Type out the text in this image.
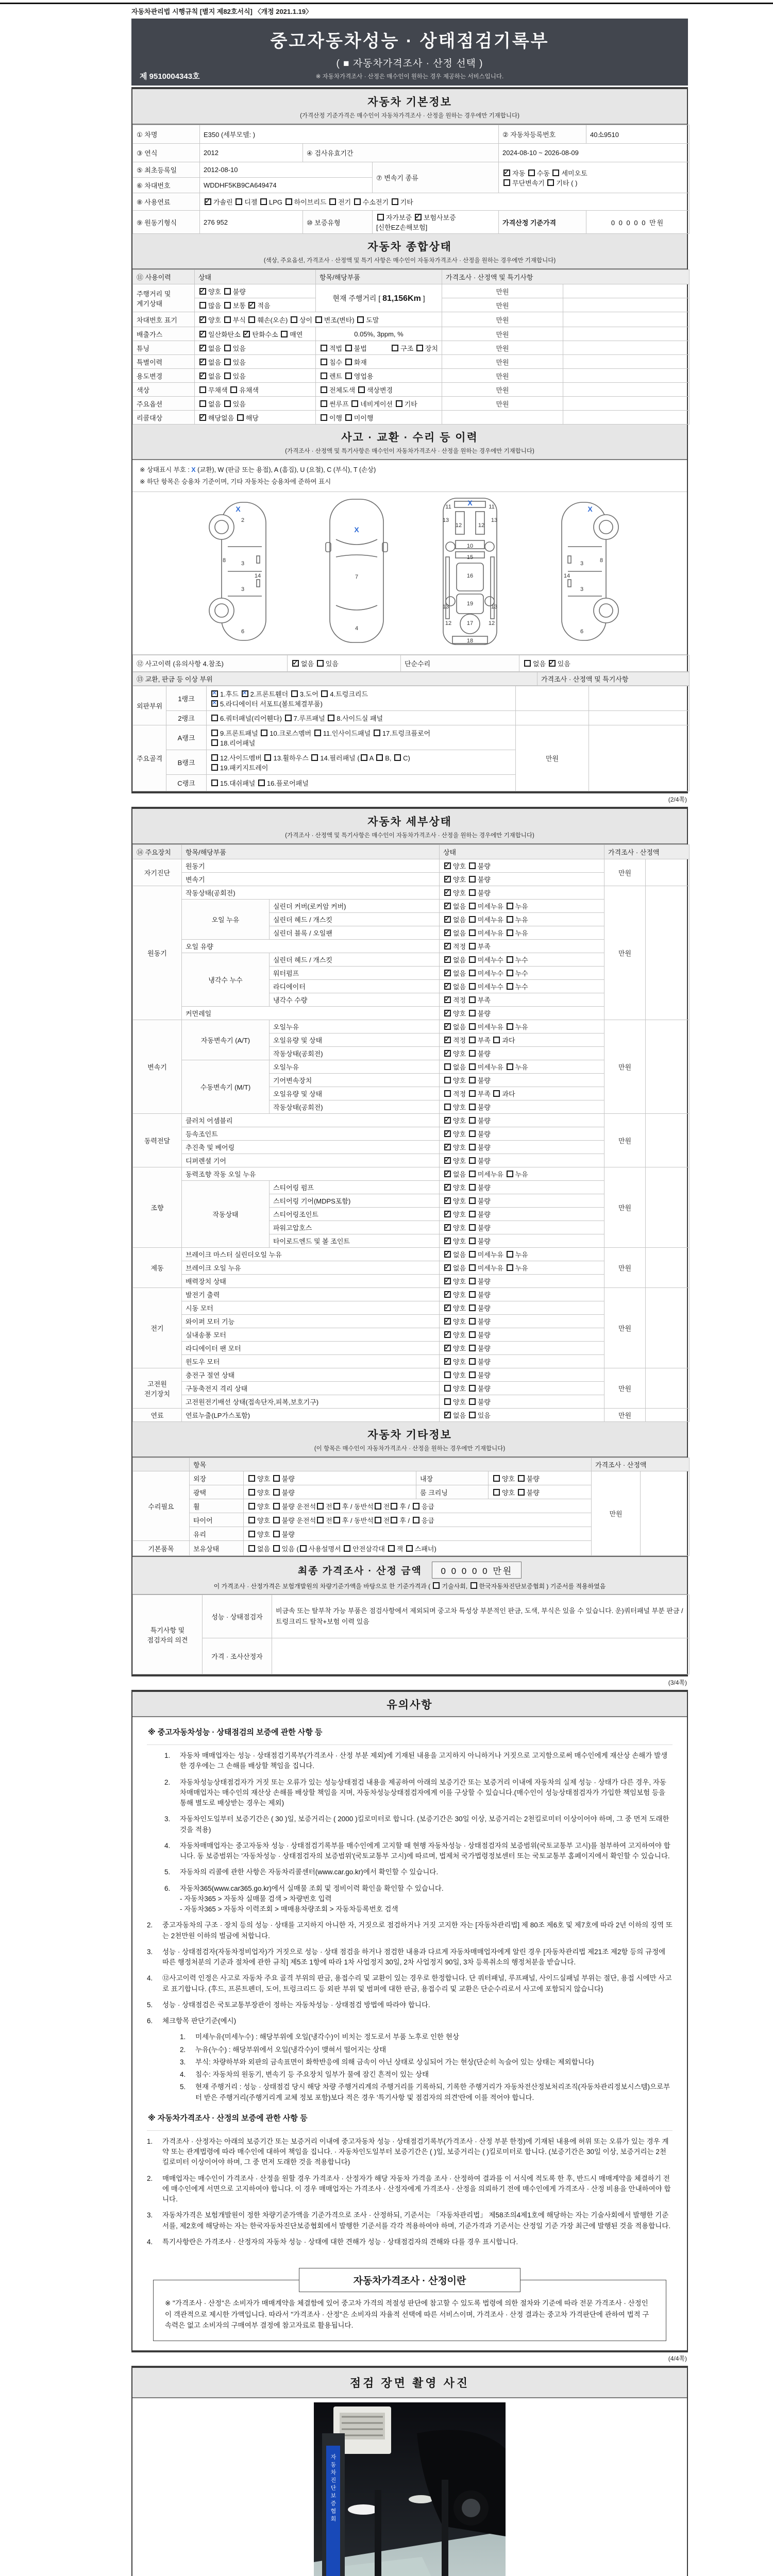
자동차관리법 시행규칙 [별지 제82호서식] 〈개정 2021.1.19〉
중고자동차성능 · 상태점검기록부
( ■ 자동차가격조사 · 산정 선택 )
※ 자동차가격조사 · 산정은 매수인이 원하는 경우 제공하는 서비스입니다.
제 9510004343호
자동차 기본정보
(가격산정 기준가격은 매수인이 자동차가격조사 · 산정을 원하는 경우에만 기재합니다)
① 차명	E350 (세부모델: )			② 자동차등록번호	40소9510
③ 연식	2012	④ 검사유효기간		2024-08-10 ~ 2026-08-09	
⑤ 최초등록일	2012-08-10		⑦ 변속기 종류	✓자동 수동 세미오토
무단변속기 기타 ( )
⑥ 차대번호	WDDHF5KB9CA649474				
⑧ 사용연료	✓가솔린 디젤 LPG 하이브리드 전기 수소전기 기타
⑨ 원동기형식	276 952	⑩ 보증유형	자가보증 ✓보험사보증 [신한EZ손해보험]	가격산정 기준가격	0 0 0 0 0 만원
자동차 종합상태
(색상, 주요옵션, 가격조사 · 산정액 및 특기 사항은 매수인이 자동차가격조사 · 산정을 원하는 경우에만 기재합니다)
⑪ 사용이력	상태	항목/해당부품	가격조사 · 산정액 및 특기사항	
주행거리 및 계기상태	✓양호 불량	현재 주행거리 [ 81,156Km ]	만원	
	많음 보통 ✓적음		만원	
차대번호 표기	✓양호 부식 훼손(오손) 상이 변조(변타) 도말		만원	
배출가스	✓일산화탄소 ✓탄화수소 매연	0.05%, 3ppm, %	만원	
튜닝	✓없음 있음	적법 불법 구조 장치	만원	
특별이력	✓없음 있음	침수 화재	만원	
용도변경	✓없음 있음	렌트 영업용	만원	
색상	무채색 유채색	전체도색 색상변경	만원	
주요옵션	없음 있음	썬루프 네비게이션 기타	만원	
리콜대상	✓해당없음 해당	이행 미이행		
사고 · 교환 · 수리 등 이력
(가격조사 · 산정액 및 특기사항은 매수인이 자동차가격조사 · 산정을 원하는 경우에만 기재합니다)
※ 상태표시 부호 : X (교환), W (판금 또는 용접), A (흠집), U (요철), C (부식), T (손상)
※ 하단 항목은 승용차 기준이며, 기타 자동차는 승용차에 준하여 표시
X
2
8	3
14
3
6
X
7
4
X
11	11
13	13
12	12
10
15
16
13	13
19
12	12
17
18
X
3	8
14
3
6
⑫ 사고이력 (유의사항 4.참조)	✓없음 있음	단순수리	없음 ✓있음
⑬ 교환, 판금 등 이상 부위	가격조사 · 산정액 및 특기사항
외판부위	1랭크	✕1.후드 ✕2.프론트휀더 3.도어 4.트렁크리드
✕5.라디에이터 서포트(볼트체결부품)		
	2랭크	6.쿼터패널(리어휀다) 7.루프패널 8.사이드실 패널		
주요골격	A랭크	9.프론트패널 10.크로스멤버 11.인사이드패널 17.트렁크플로어
18.리어패널	만원	
	B랭크	12.사이드멤버 13.휠하우스 14.필러패널 ( A B, C)
19.패키지트레이		
	C랭크	15.대쉬패널 16.플로어패널		
(2/4쪽)
자동차 세부상태
(가격조사 · 산정액 및 특기사항은 매수인이 자동차가격조사 · 산정을 원하는 경우에만 기재합니다)
⑭ 주요장치	항목/해당부품		상태	가격조사 · 산정액	
자기진단	원동기	✓양호 불량	만원	
	변속기	✓양호 불량
원동기	작동상태(공회전)	✓양호 불량	만원	
	오일 누유	실린더 커버(로커암 커버)	✓없음 미세누유 누유
		실린더 헤드 / 개스킷	✓없음 미세누유 누유
		실린더 블록 / 오일팬	✓없음 미세누유 누유
	오일 유량	✓적정 부족
	냉각수 누수	실린더 헤드 / 개스킷	✓없음 미세누수 누수
		워터펌프	✓없음 미세누수 누수
		라디에이터	✓없음 미세누수 누수
		냉각수 수량	✓적정 부족
	커먼레일	✓양호 불량
변속기	자동변속기 (A/T)	오일누유	✓없음 미세누유 누유	만원	
		오일유량 및 상태	✓적정 부족 과다
		작동상태(공회전)	✓양호 불량
	수동변속기 (M/T)	오일누유	없음 미세누유 누유		
		기어변속장치	양호 불량		
		오일유량 및 상태	적정 부족 과다		
		작동상태(공회전)	양호 불량		
동력전달	클러치 어셈블리	✓양호 불량	만원	
	등속조인트	✓양호 불량
	추진축 및 베어링	✓양호 불량
	디퍼렌셜 기어	✓양호 불량
조향	동력조향 작동 오일 누유	✓없음 미세누유 누유	만원	
	작동상태	스티어링 펌프	✓양호 불량
		스티어링 기어(MDPS포함)	✓양호 불량
		스티어링조인트	✓양호 불량
		파워고압호스	✓양호 불량
		타이로드엔드 및 볼 조인트	✓양호 불량
제동	브레이크 마스터 실린더오일 누유	✓없음 미세누유 누유	만원	
	브레이크 오일 누유	✓없음 미세누유 누유
	배력장치 상태	✓양호 불량
전기	발전기 출력	✓양호 불량	만원	
	시동 모터	✓양호 불량
	와이퍼 모터 기능	✓양호 불량
	실내송풍 모터	✓양호 불량
	라디에이터 팬 모터	✓양호 불량
	윈도우 모터	✓양호 불량
고전원 전기장치	충전구 절연 상태		양호 불량	만원	
	구동축전지 격리 상태		양호 불량		
	고전원전기배선 상태(접속단자,피복,보호기구)		양호 불량		
연료	연료누출(LP가스포함)	✓없음 있음	만원	
자동차 기타정보
(이 항목은 매수인이 자동차가격조사 · 산정을 원하는 경우에만 기재합니다)
	항목				가격조사 · 산정액	
수리필요	외장	양호 불량	내장	양호 불량	만원	
	광택	양호 불량	룸 크리닝	양호 불량		
	휠	양호 불량 운전석 전 후 / 동반석 전 후 / 응급				
	타이어	양호 불량 운전석 전 후 / 동반석 전 후 / 응급				
	유리	양호 불량				
기본품목	보유상태	없음 있음 ( 사용설명서 안전삼각대 잭 스패너)				
최종 가격조사 · 산정 금액 0 0 0 0 0 만원
이 가격조사 · 산정가격은 보험개발원의 차량기준가액을 바탕으로 한 기준가격과 ( 기술사회, 한국자동차진단보증협회 ) 기준서를 적용하였음
특기사항 및 점검자의 의견	성능 · 상태점검자	비금속 또는 탈부착 가능 부품은 점검사항에서 제외되며 중고차 특성상 부분적인 판금, 도색, 부식은 있을 수 있습니다. 운)쿼터패널 부분 판금 / 트렁크리드 탈착+보험 이력 있음
	가격 · 조사산정자	
(3/4쪽)
유의사항
※ 중고자동차성능 · 상태점검의 보증에 관한 사항 등
1.	자동차 매매업자는 성능 · 상태점검기록부(가격조사 · 산정 부분 제외)에 기재된 내용을 고지하지 아니하거나 거짓으로 고지함으로써 매수인에게 재산상 손해가 발생한 경우에는 그 손해를 배상할 책임을 집니다.
2.	자동차성능상태점검자가 거짓 또는 오류가 있는 성능상태점검 내용을 제공하여 아래의 보증기간 또는 보증거리 이내에 자동차의 실제 성능 · 상태가 다른 경우, 자동차매매업자는 매수인의 재산상 손해를 배상할 책임을 지며, 자동차성능상태점검자에게 이를 구상할 수 있습니다.(매수인이 성능상태점검자가 가입한 책임보험 등을 통해 별도로 배상받는 경우는 제외)
3.	자동차인도일부터 보증기간은 ( 30 )일, 보증거리는 ( 2000 )킬로미터로 합니다. (보증기간은 30일 이상, 보증거리는 2천킬로미터 이상이어야 하며, 그 중 먼저 도래한 것을 적용)
4.	자동차매매업자는 중고자동차 성능 · 상태점검기록부를 매수인에게 고지할 때 현행 자동차성능 · 상태점검자의 보증범위(국토교통부 고시)를 첨부하여 고지하여야 합니다. 동 보증범위는 '자동차성능 · 상태점검자의 보증범위'(국토교통부 고시)에 따르며, 법제처 국가법령정보센터 또는 국토교통부 홈페이지에서 확인할 수 있습니다.
5.	자동차의 리콜에 관한 사항은 자동차리콜센터(www.car.go.kr)에서 확인할 수 있습니다.
6.	자동차365(www.car365.go.kr)에서 실매물 조회 및 정비이력 확인을 확인할 수 있습니다.
- 자동차365 > 자동차 실매물 검색 > 차량번호 입력
- 자동차365 > 자동차 이력조회 > 매매용차량조회 > 자동차등록번호 검색
2.	중고자동차의 구조 · 장치 등의 성능 · 상태를 고지하지 아니한 자, 거짓으로 점검하거나 거짓 고지한 자는 [자동차관리법] 제 80조 제6호 및 제7호에 따라 2년 이하의 징역 또는 2천만원 이하의 벌금에 처합니다.
3.	성능 · 상태점검자(자동차정비업자)가 거짓으로 성능 · 상태 점검을 하거나 점검한 내용과 다르게 자동차매매업자에게 알린 경우 [자동차관리법 제21조 제2항 등의 규정에 따른 행정처분의 기준과 절차에 관한 규칙] 제5조 1항에 따라 1차 사업정지 30일, 2차 사업정지 90일, 3차 등록취소의 행정처분을 받습니다.
4.	⑫사고이력 인정은 사고로 자동차 주요 골격 부위의 판금, 용접수리 및 교환이 있는 경우로 한정합니다. 단 쿼터패널, 루프패널, 사이드실패널 부위는 절단, 용접 시에만 사고로 표기합니다. (후드, 프론트펜더, 도어, 트렁크리드 등 외판 부위 및 범퍼에 대한 판금, 용접수리 및 교환은 단순수리로서 사고에 포함되지 않습니다)
5.	성능 · 상태점검은 국토교통부장관이 정하는 자동차성능 · 상태점검 방법에 따라야 합니다.
6.	체크항목 판단기준(예시)
1.	미세누유(미세누수) : 해당부위에 오일(냉각수)이 비치는 정도로서 부품 노후로 인한 현상
2.	누유(누수) : 해당부위에서 오일(냉각수)이 맺혀서 떨어지는 상태
3.	부식: 차량하부와 외판의 금속표면이 화학반응에 의해 금속이 아닌 상태로 상실되어 가는 현상(단순히 녹슬어 있는 상태는 제외합니다)
4.	침수: 자동차의 원동기, 변속기 등 주요장치 일부가 물에 잠긴 흔적이 있는 상태
5.	현재 주행거리 : 성능 · 상태점검 당시 해당 차량 주행거리계의 주행거리를 기록하되, 기록한 주행거리가 자동차전산정보처리조직(자동차관리정보시스템)으로부터 받은 주행거리(주행거리계 교체 정보 포함)보다 적은 경우 '특기사항 및 점검자의 의견'란에 이를 적어야 합니다.
※ 자동차가격조사 · 산정의 보증에 관한 사항 등
1.	가격조사 · 산정자는 아래의 보증기간 또는 보증거리 이내에 중고자동차 성능 · 상태점검기록부(가격조사 · 산정 부분 한정)에 기재된 내용에 허위 또는 오류가 있는 경우 계약 또는 관계법령에 따라 매수인에 대하여 책임을 집니다. · 자동차인도일부터 보증기간은 ( )일, 보증거리는 ( )킬로미터로 합니다. (보증기간은 30일 이상, 보증거리는 2천킬로미터 이상이어야 하며, 그 중 먼저 도래한 것을 적용합니다)
2.	매매업자는 매수인이 가격조사 · 산정을 원할 경우 가격조사 · 산정자가 해당 자동차 가격을 조사 · 산정하여 결과를 이 서식에 적도록 한 후, 반드시 매매계약을 체결하기 전에 매수인에게 서면으로 고지하여야 합니다. 이 경우 매매업자는 가격조사 · 산정자에게 가격조사 · 산정을 의뢰하기 전에 매수인에게 가격조사 · 산정 비용을 안내하여야 합니다.
3.	자동차가격은 보험개발원이 정한 차량기준가액을 기준가격으로 조사 · 산정하되, 기준서는 「자동차관리법」 제58조의4제1호에 해당하는 자는 기술사회에서 발행한 기준서를, 제2호에 해당하는 자는 한국자동차진단보증협회에서 발행한 기준서를 각각 적용하여야 하며, 기준가격과 기준서는 산정일 기준 가장 최근에 발행된 것을 적용합니다.
4.	특기사항란은 가격조사 · 산정자의 자동차 성능 · 상태에 대한 견해가 성능 · 상태점검자의 견해와 다를 경우 표시합니다.
자동차가격조사 · 산정이란

※ "가격조사 · 산정"은 소비자가 매매계약을 체결함에 있어 중고차 가격의 적절성 판단에 참고할 수 있도록 법령에 의한 절차와 기준에 따라 전문 가격조사 · 산정인이 객관적으로 제시한 가액입니다. 따라서 "가격조사 · 산정"은 소비자의 자율적 선택에 따른 서비스이며, 가격조사 · 산정 결과는 중고차 가격판단에 관하여 법적 구속력은 없고 소비자의 구매여부 결정에 참고자료로 활용됩니다.

(4/4쪽)
점검 장면 촬영 사진
자동차진단보증협회
